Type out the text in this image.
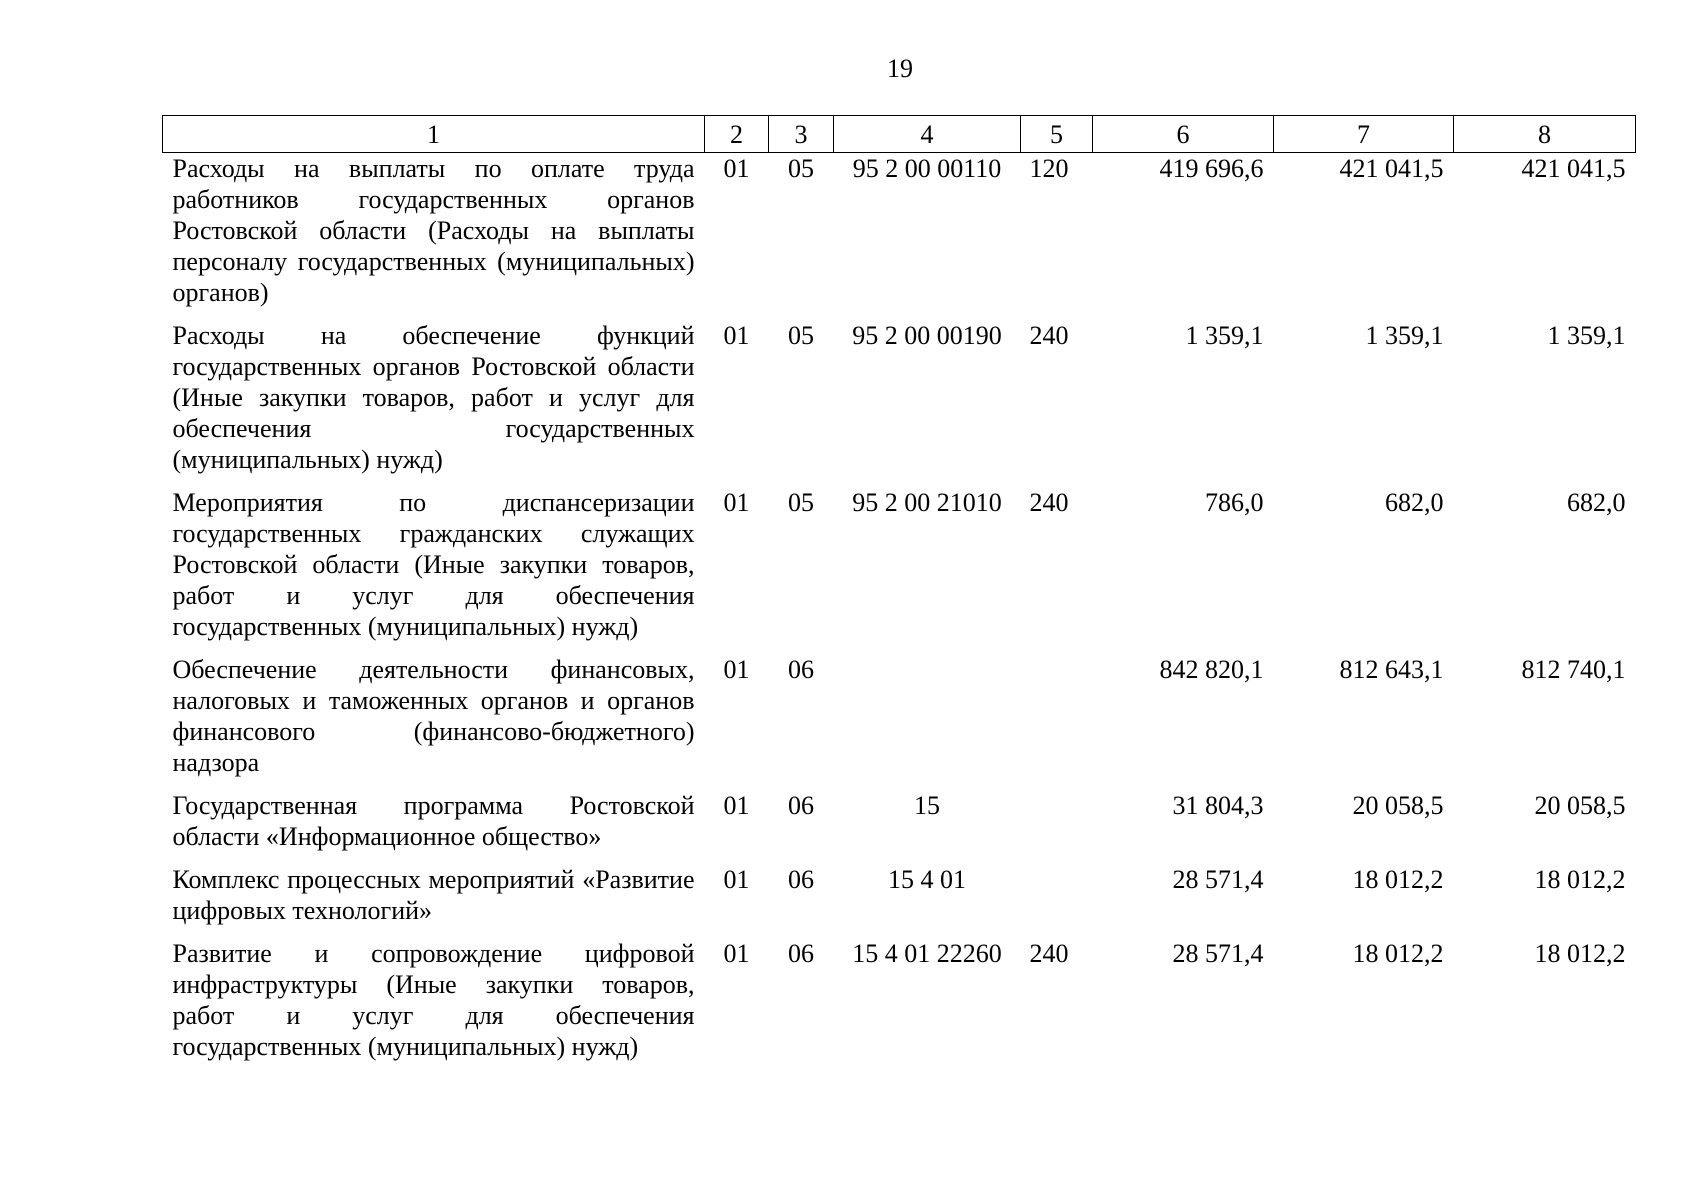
19
1	2	3	4	5	6	7	8
Расходы на выплаты по оплате труда работников государственных органов Ростовской области (Расходы на выплаты персоналу государственных (муниципальных) органов)	01	05	95 2 00 00110	120	419 696,6	421 041,5	421 041,5
Расходы на обеспечение функций государственных органов Ростовской области (Иные закупки товаров, работ и услуг для обеспечения государственных (муниципальных) нужд)	01	05	95 2 00 00190	240	1 359,1	1 359,1	1 359,1
Мероприятия по диспансеризации государственных гражданских служащих Ростовской области (Иные закупки товаров, работ и услуг для обеспечения государственных (муниципальных) нужд)	01	05	95 2 00 21010	240	786,0	682,0	682,0
Обеспечение деятельности финансовых, налоговых и таможенных органов и органов финансового (финансово-бюджетного) надзора	01	06			842 820,1	812 643,1	812 740,1
Государственная программа Ростовской области «Информационное общество»	01	06	15		31 804,3	20 058,5	20 058,5
Комплекс процессных мероприятий «Развитие цифровых технологий»	01	06	15 4 01		28 571,4	18 012,2	18 012,2
Развитие и сопровождение цифровой инфраструктуры (Иные закупки товаров, работ и услуг для обеспечения государственных (муниципальных) нужд)	01	06	15 4 01 22260	240	28 571,4	18 012,2	18 012,2
